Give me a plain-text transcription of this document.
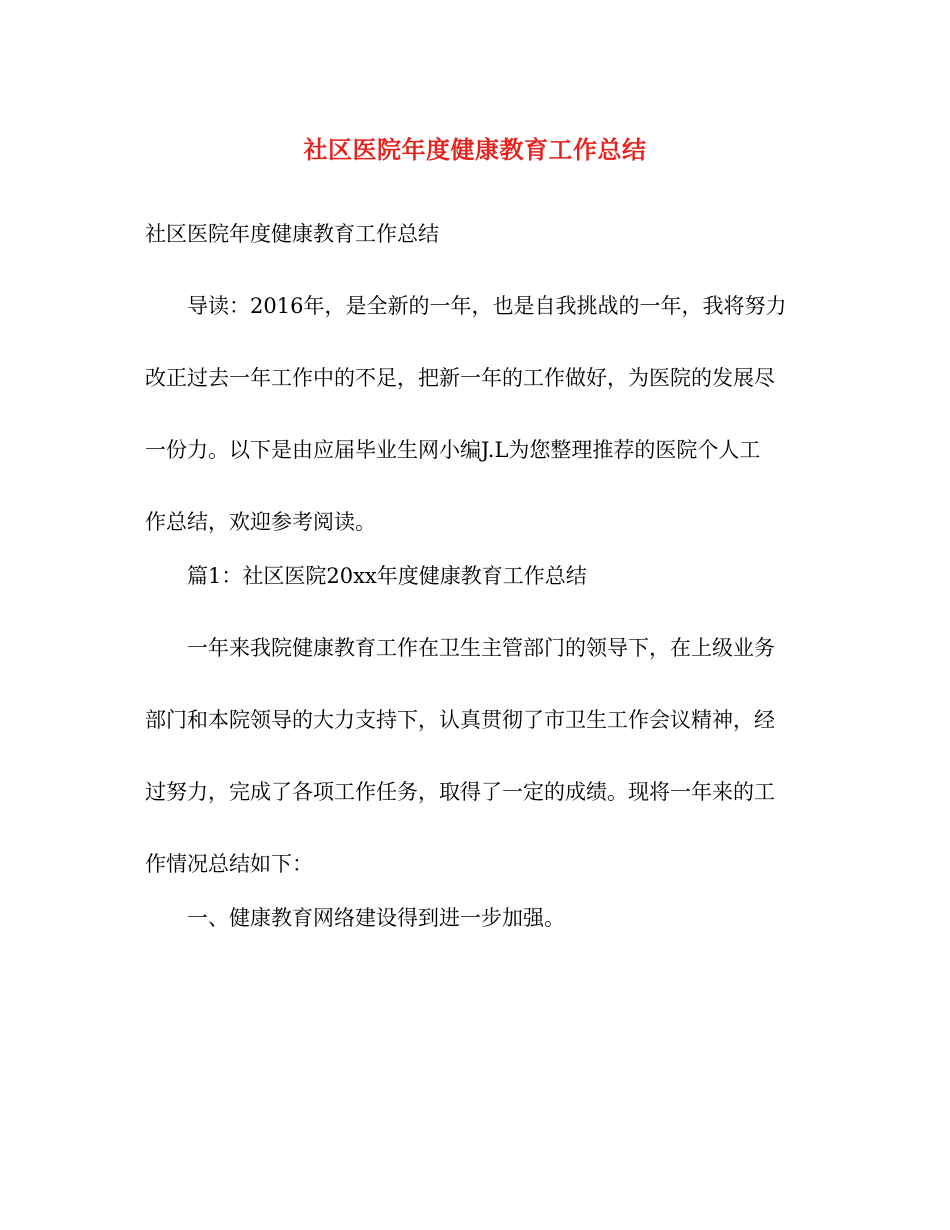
社区医院年度健康教育工作总结

社区医院年度健康教育工作总结

导读：2016年，是全新的一年，也是自我挑战的一年，我将努力

改正过去一年工作中的不足，把新一年的工作做好，为医院的发展尽

一份力。以下是由应届毕业生网小编J.L为您整理推荐的医院个人工

作总结，欢迎参考阅读。

篇1：社区医院20xx年度健康教育工作总结

一年来我院健康教育工作在卫生主管部门的领导下，在上级业务

部门和本院领导的大力支持下，认真贯彻了市卫生工作会议精神，经

过努力，完成了各项工作任务，取得了一定的成绩。现将一年来的工

作情况总结如下：

一、健康教育网络建设得到进一步加强。
